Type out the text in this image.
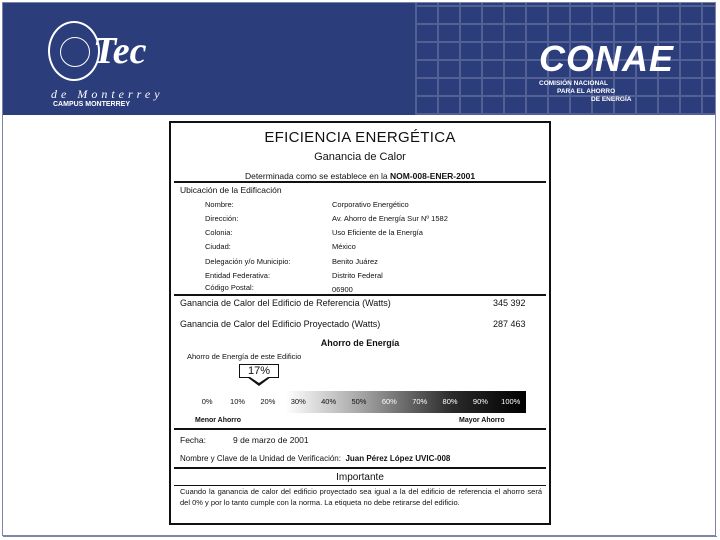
Tec
de Monterrey
CAMPUS MONTERREY
CONAE
COMISIÓN NACIONAL
PARA EL AHORRO
DE ENERGÍA
EFICIENCIA ENERGÉTICA
Ganancia de Calor
Determinada como se establece en la NOM-008-ENER-2001
Ubicación de la Edificación
Nombre:	Corporativo Energético
Dirección:	Av. Ahorro de Energía Sur Nº 1582
Colonia:	Uso Eficiente de la Energía
Ciudad:	México
Delegación y/o Municipio:	Benito Juárez
Entidad Federativa:	Distrito Federal
Código Postal:	06900
Ganancia de Calor del Edificio de Referencia (Watts)	345 392
Ganancia de Calor del Edificio Proyectado (Watts)	287 463
Ahorro de Energía
Ahorro de Energía de este Edificio
17%
0%	10%	20%	30%	40%	50%	60%	70%	80%	90%	100%
Menor Ahorro	Mayor Ahorro
Fecha:	9 de marzo de 2001
Nombre y Clave de la Unidad de Verificación: Juan Pérez López UVIC-008
Importante
Cuando la ganancia de calor del edificio proyectado sea igual a la del edificio de referencia el ahorro será del 0% y por lo tanto cumple con la norma. La etiqueta no debe retirarse del edificio.
